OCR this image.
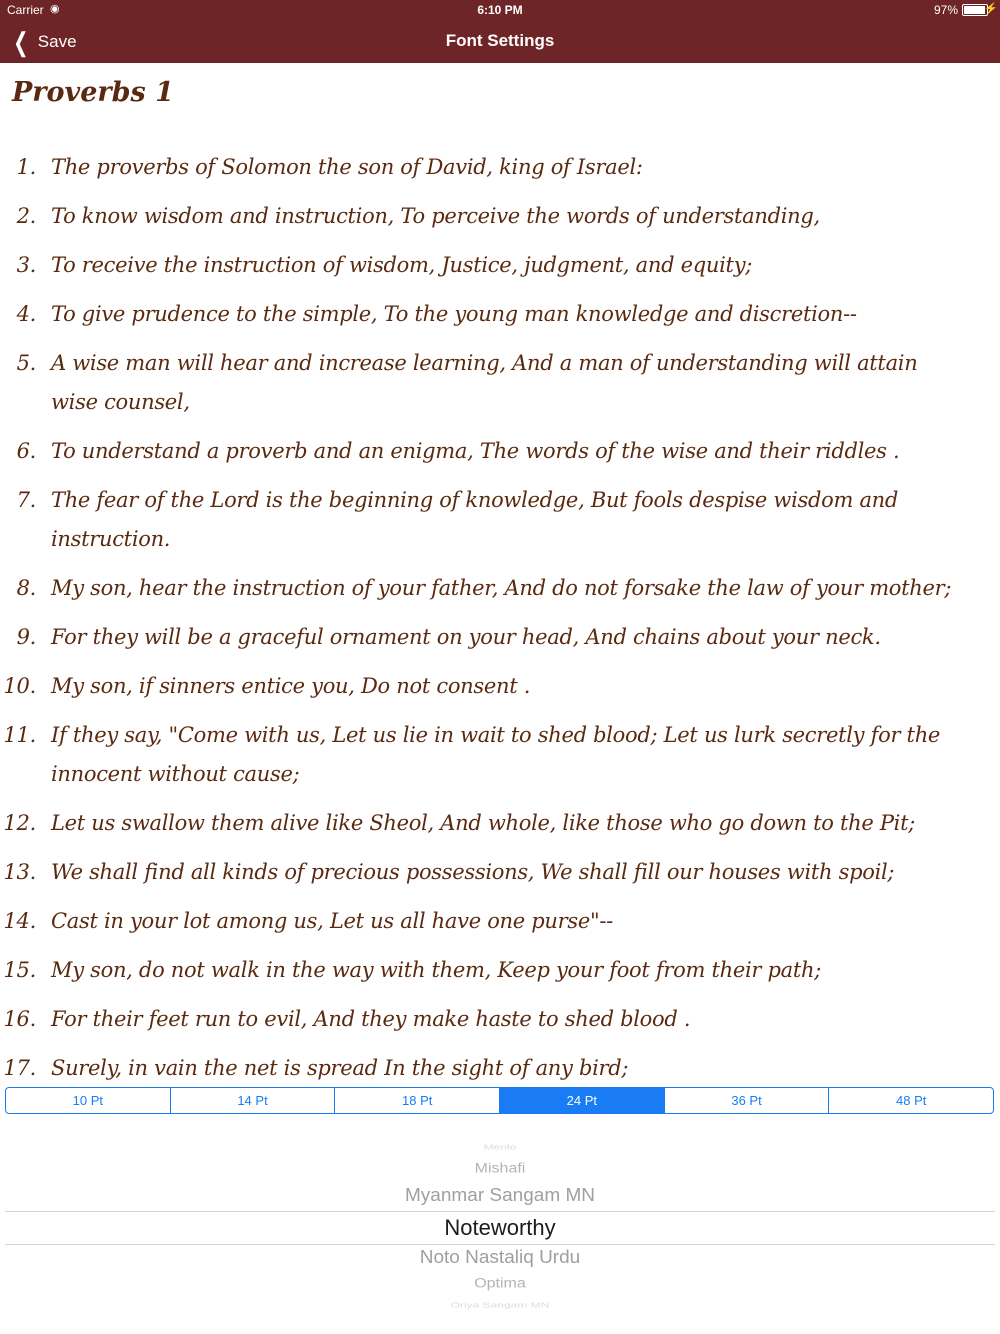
Carrier ◉	6:10 PM	97% ⚡
❮ Save	Font Settings
Proverbs 1
1. The proverbs of Solomon the son of David, king of Israel:
2. To know wisdom and instruction, To perceive the words of understanding,
3. To receive the instruction of wisdom, Justice, judgment, and equity;
4. To give prudence to the simple, To the young man knowledge and discretion--
5. A wise man will hear and increase learning, And a man of understanding will attain wise counsel,
6. To understand a proverb and an enigma, The words of the wise and their riddles .
7. The fear of the Lord is the beginning of knowledge, But fools despise wisdom and instruction.
8. My son, hear the instruction of your father, And do not forsake the law of your mother;
9. For they will be a graceful ornament on your head, And chains about your neck.
10. My son, if sinners entice you, Do not consent .
11. If they say, "Come with us, Let us lie in wait to shed blood; Let us lurk secretly for the innocent without cause;
12. Let us swallow them alive like Sheol, And whole, like those who go down to the Pit;
13. We shall find all kinds of precious possessions, We shall fill our houses with spoil;
14. Cast in your lot among us, Let us all have one purse"--
15. My son, do not walk in the way with them, Keep your foot from their path;
16. For their feet run to evil, And they make haste to shed blood .
17. Surely, in vain the net is spread In the sight of any bird;
10 Pt	14 Pt	18 Pt	24 Pt	36 Pt	48 Pt
Menlo
Mishafi
Myanmar Sangam MN
Noteworthy
Noto Nastaliq Urdu
Optima
Oriya Sangam MN
